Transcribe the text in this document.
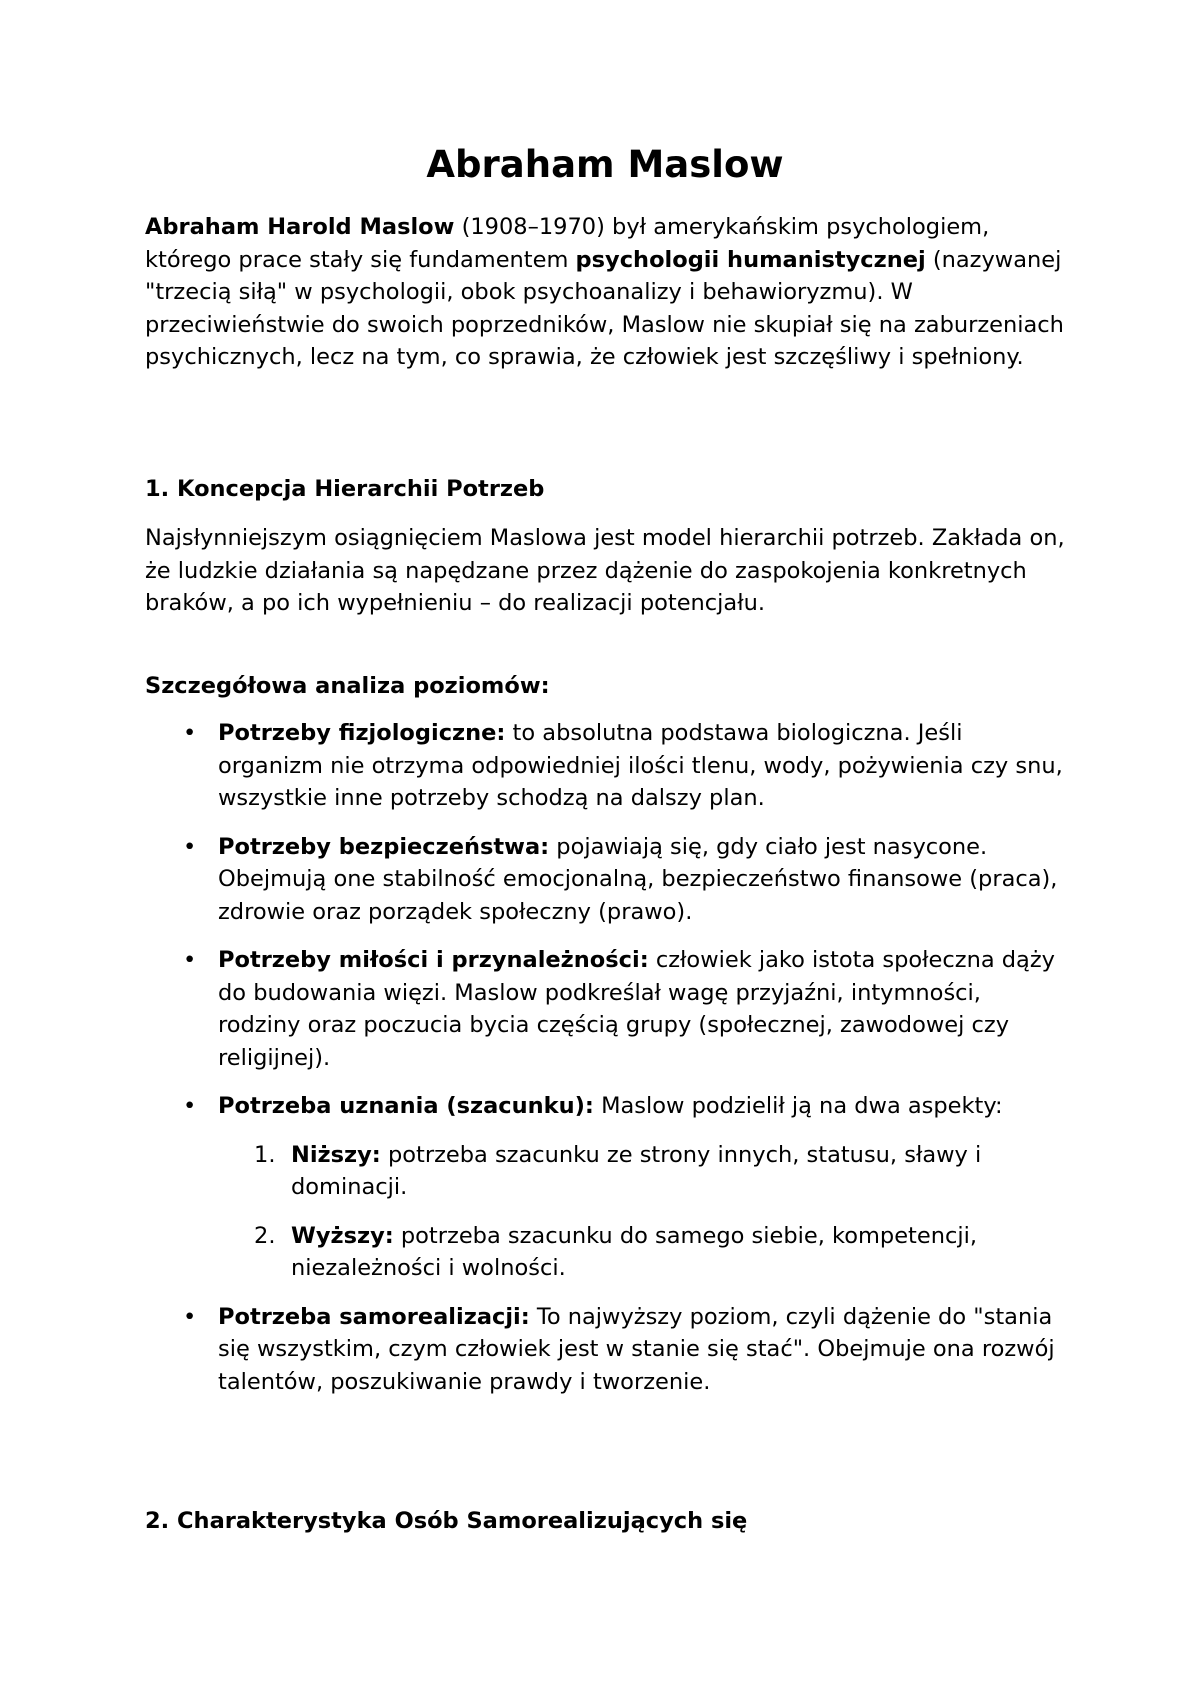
Abraham Maslow

Abraham Harold Maslow (1908–1970) był amerykańskim psychologiem, którego prace stały się fundamentem psychologii humanistycznej (nazywanej "trzecią siłą" w psychologii, obok psychoanalizy i behawioryzmu). W przeciwieństwie do swoich poprzedników, Maslow nie skupiał się na zaburzeniach psychicznych, lecz na tym, co sprawia, że człowiek jest szczęśliwy i spełniony.

1. Koncepcja Hierarchii Potrzeb

Najsłynniejszym osiągnięciem Maslowa jest model hierarchii potrzeb. Zakłada on, że ludzkie działania są napędzane przez dążenie do zaspokojenia konkretnych braków, a po ich wypełnieniu – do realizacji potencjału.

Szczegółowa analiza poziomów:

• Potrzeby fizjologiczne: to absolutna podstawa biologiczna. Jeśli organizm nie otrzyma odpowiedniej ilości tlenu, wody, pożywienia czy snu, wszystkie inne potrzeby schodzą na dalszy plan.
• Potrzeby bezpieczeństwa: pojawiają się, gdy ciało jest nasycone. Obejmują one stabilność emocjonalną, bezpieczeństwo finansowe (praca), zdrowie oraz porządek społeczny (prawo).
• Potrzeby miłości i przynależności: człowiek jako istota społeczna dąży do budowania więzi. Maslow podkreślał wagę przyjaźni, intymności, rodziny oraz poczucia bycia częścią grupy (społecznej, zawodowej czy religijnej).
• Potrzeba uznania (szacunku): Maslow podzielił ją na dwa aspekty:
1. Niższy: potrzeba szacunku ze strony innych, statusu, sławy i dominacji.
2. Wyższy: potrzeba szacunku do samego siebie, kompetencji, niezależności i wolności.
• Potrzeba samorealizacji: To najwyższy poziom, czyli dążenie do "stania się wszystkim, czym człowiek jest w stanie się stać". Obejmuje ona rozwój talentów, poszukiwanie prawdy i tworzenie.
2. Charakterystyka Osób Samorealizujących się
